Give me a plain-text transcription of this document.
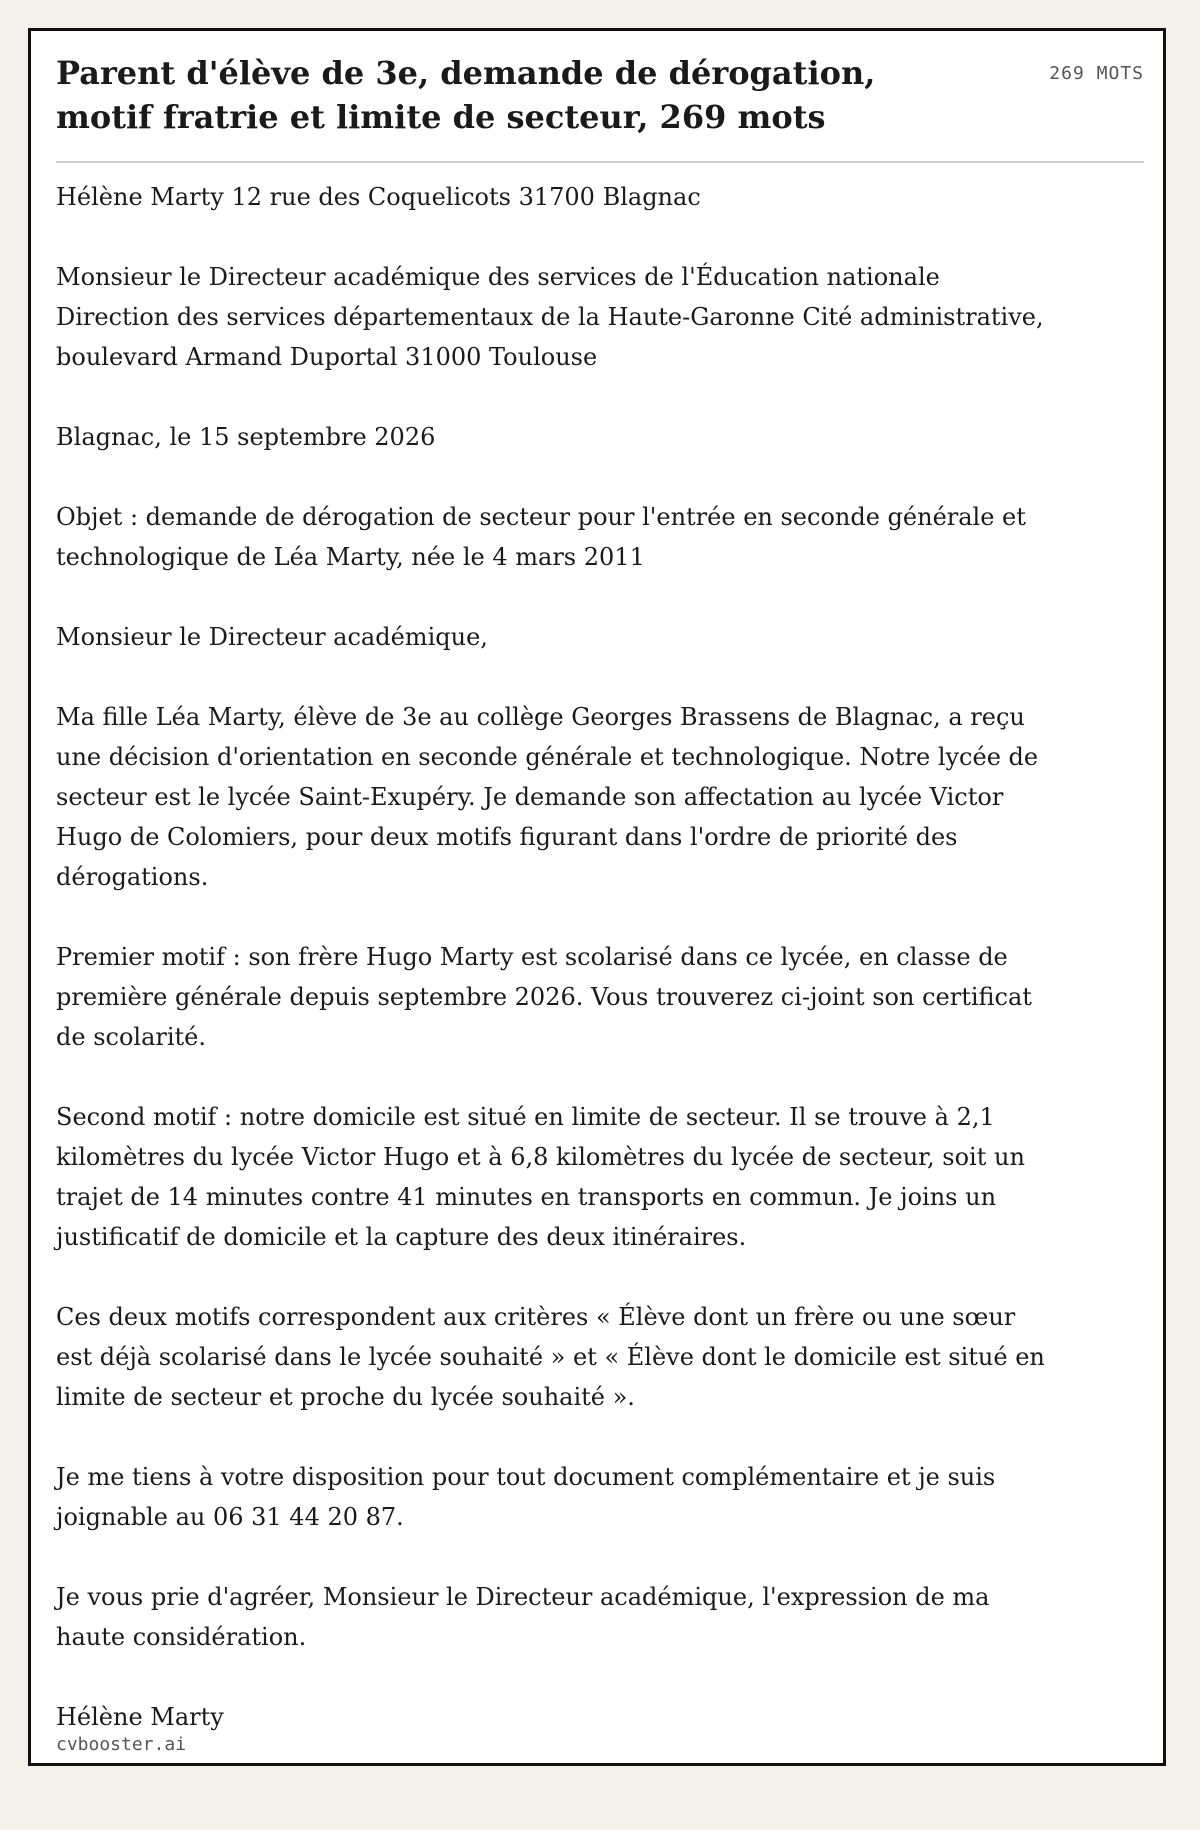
Parent d'élève de 3e, demande de dérogation, motif fratrie et limite de secteur, 269 mots
269 MOTS

Hélène Marty 12 rue des Coquelicots 31700 Blagnac

Monsieur le Directeur académique des services de l'Éducation nationale Direction des services départementaux de la Haute-Garonne Cité administrative, boulevard Armand Duportal 31000 Toulouse

Blagnac, le 15 septembre 2026

Objet : demande de dérogation de secteur pour l'entrée en seconde générale et technologique de Léa Marty, née le 4 mars 2011

Monsieur le Directeur académique,

Ma fille Léa Marty, élève de 3e au collège Georges Brassens de Blagnac, a reçu une décision d'orientation en seconde générale et technologique. Notre lycée de secteur est le lycée Saint-Exupéry. Je demande son affectation au lycée Victor Hugo de Colomiers, pour deux motifs figurant dans l'ordre de priorité des dérogations.

Premier motif : son frère Hugo Marty est scolarisé dans ce lycée, en classe de première générale depuis septembre 2026. Vous trouverez ci-joint son certificat de scolarité.

Second motif : notre domicile est situé en limite de secteur. Il se trouve à 2,1 kilomètres du lycée Victor Hugo et à 6,8 kilomètres du lycée de secteur, soit un trajet de 14 minutes contre 41 minutes en transports en commun. Je joins un justificatif de domicile et la capture des deux itinéraires.

Ces deux motifs correspondent aux critères « Élève dont un frère ou une sœur est déjà scolarisé dans le lycée souhaité » et « Élève dont le domicile est situé en limite de secteur et proche du lycée souhaité ».

Je me tiens à votre disposition pour tout document complémentaire et je suis joignable au 06 31 44 20 87.

Je vous prie d'agréer, Monsieur le Directeur académique, l'expression de ma haute considération.

Hélène Marty

cvbooster.ai
